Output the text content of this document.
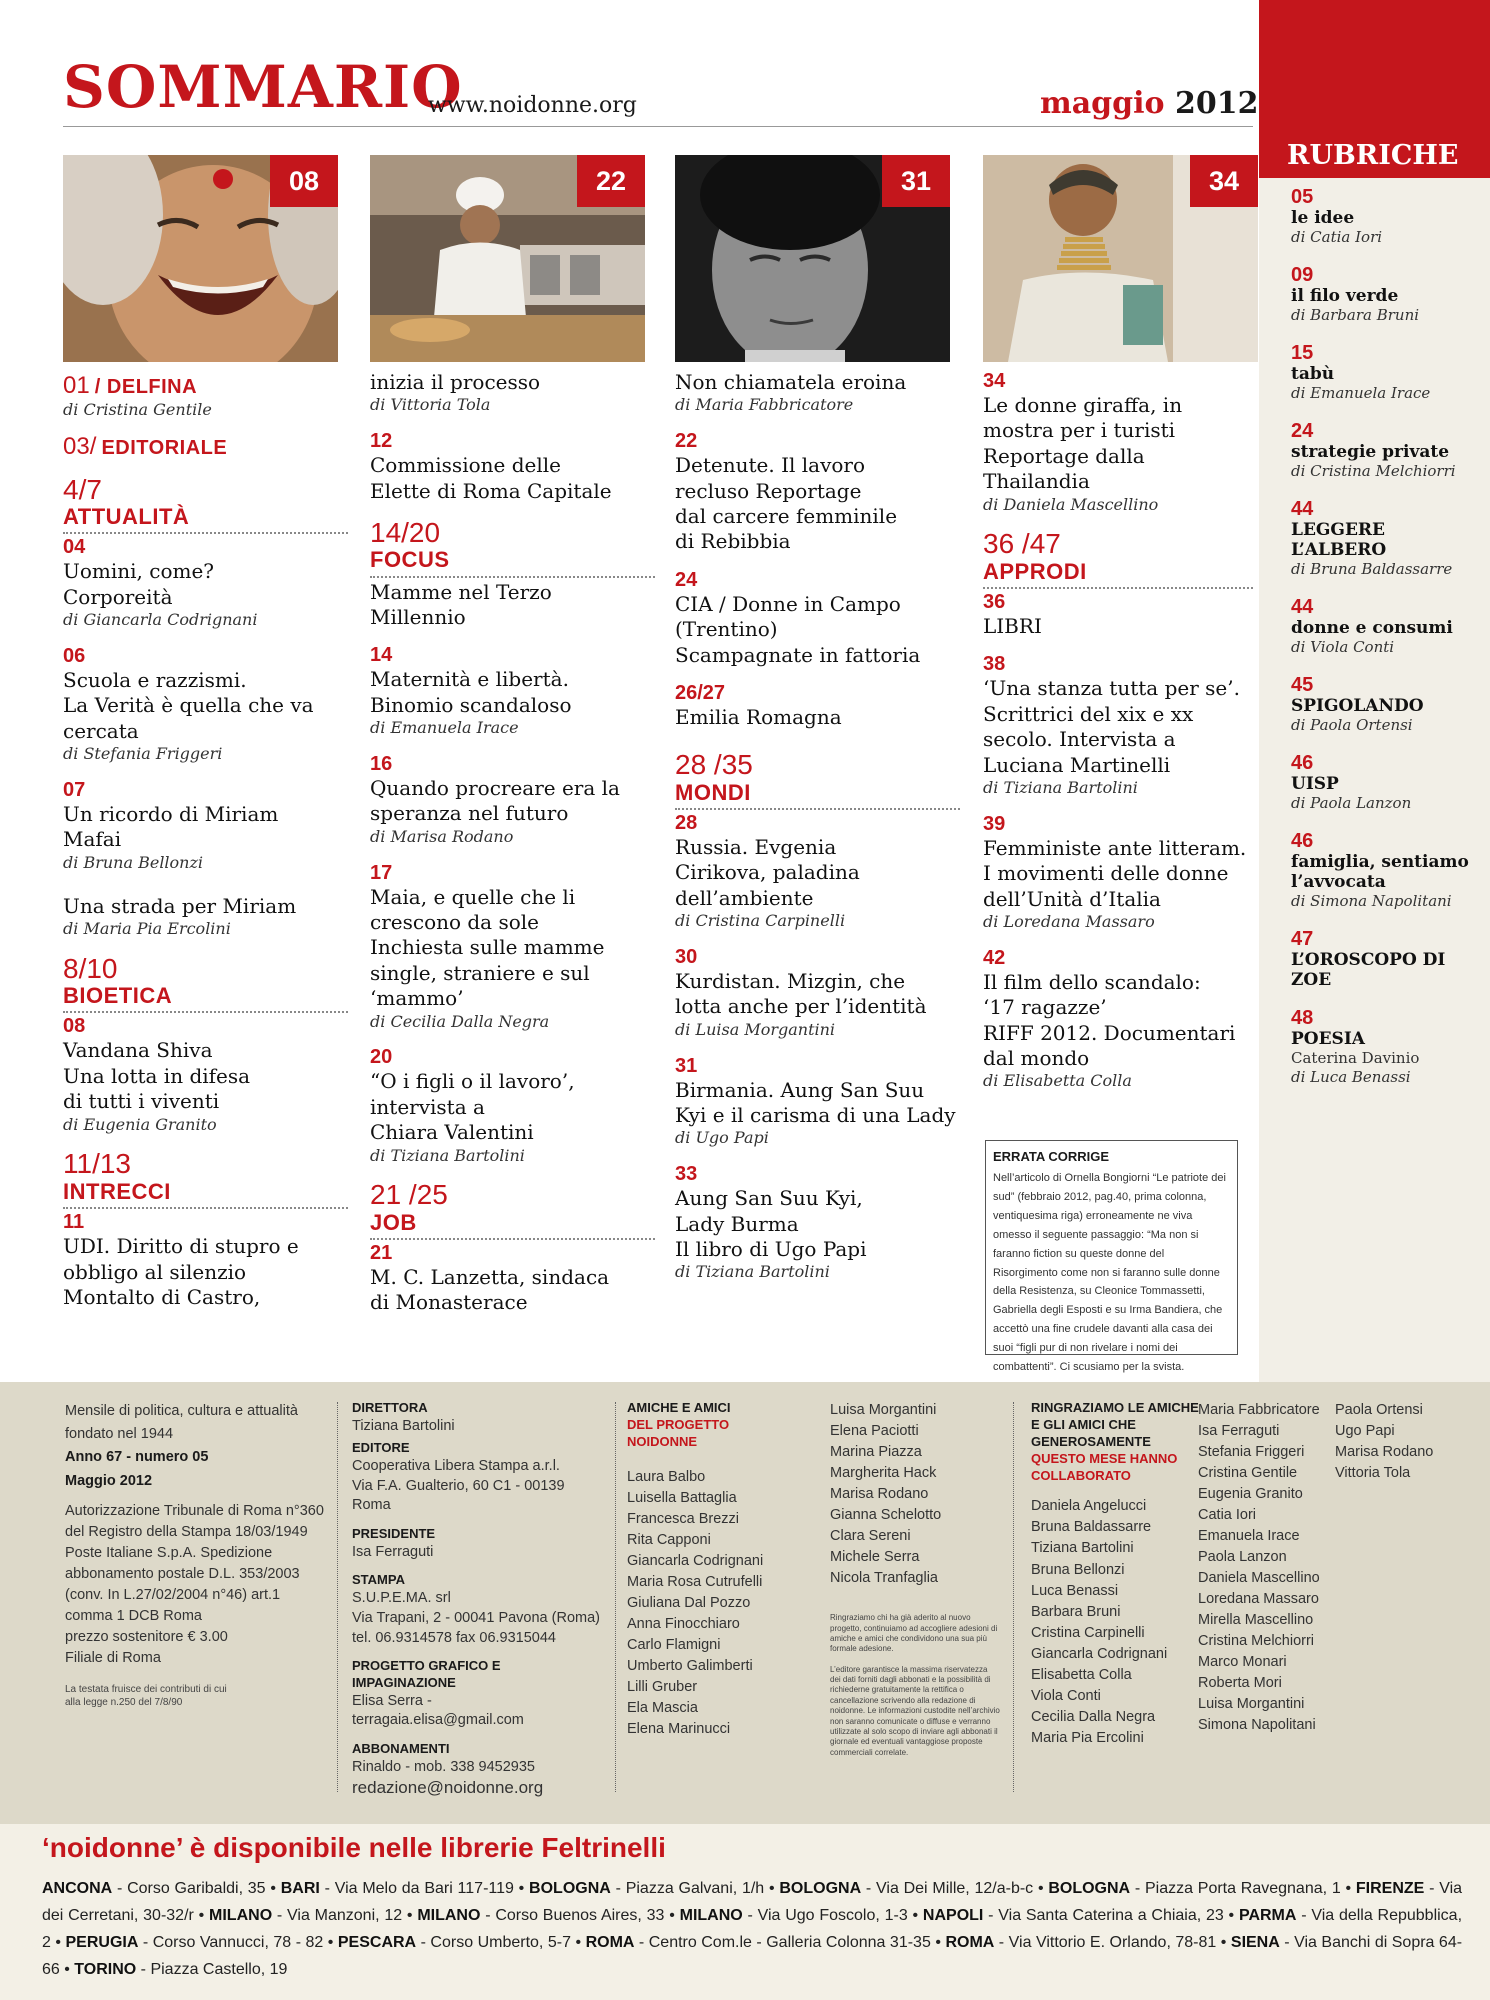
SOMMARIO
www.noidonne.org	maggio 2012
08	22	31	34
01 / DELFINA
di Cristina Gentile
03/ EDITORIALE
4/7
ATTUALITÀ
04
Uomini, come?
Corporeità
di Giancarla Codrignani
06
Scuola e razzismi.
La Verità è quella che va
cercata
di Stefania Friggeri
07
Un ricordo di Miriam
Mafai
di Bruna Bellonzi
Una strada per Miriam
di Maria Pia Ercolini
8/10
BIOETICA
08
Vandana Shiva
Una lotta in difesa
di tutti i viventi
di Eugenia Granito
11/13
INTRECCI
11
UDI. Diritto di stupro e
obbligo al silenzio
Montalto di Castro,
inizia il processo
di Vittoria Tola
12
Commissione delle
Elette di Roma Capitale
14/20
FOCUS
Mamme nel Terzo
Millennio
14
Maternità e libertà.
Binomio scandaloso
di Emanuela Irace
16
Quando procreare era la
speranza nel futuro
di Marisa Rodano
17
Maia, e quelle che li
crescono da sole
Inchiesta sulle mamme
single, straniere e sul
‘mammo’
di Cecilia Dalla Negra
20
“O i figli o il lavoro’,
intervista a
Chiara Valentini
di Tiziana Bartolini
21 /25
JOB
21
M. C. Lanzetta, sindaca
di Monasterace
Non chiamatela eroina
di Maria Fabbricatore
22
Detenute. Il lavoro
recluso Reportage
dal carcere femminile
di Rebibbia
24
CIA / Donne in Campo
(Trentino)
Scampagnate in fattoria
26/27
Emilia Romagna
28 /35
MONDI
28
Russia. Evgenia
Cirikova, paladina
dell’ambiente
di Cristina Carpinelli
30
Kurdistan. Mizgin, che
lotta anche per l’identità
di Luisa Morgantini
31
Birmania. Aung San Suu
Kyi e il carisma di una Lady
di Ugo Papi
33
Aung San Suu Kyi,
Lady Burma
Il libro di Ugo Papi
di Tiziana Bartolini
34
Le donne giraffa, in
mostra per i turisti
Reportage dalla
Thailandia
di Daniela Mascellino
36 /47
APPRODI
36
LIBRI
38
‘Una stanza tutta per se’.
Scrittrici del xix e xx
secolo. Intervista a
Luciana Martinelli
di Tiziana Bartolini
39
Femministe ante litteram.
I movimenti delle donne
dell’Unità d’Italia
di Loredana Massaro
42
Il film dello scandalo:
‘17 ragazze’
RIFF 2012. Documentari
dal mondo
di Elisabetta Colla
ERRATA CORRIGE
Nell’articolo di Ornella Bongiorni “Le patriote dei sud” (febbraio 2012, pag.40, prima colonna, ventiquesima riga) erroneamente ne viva omesso il seguente passaggio: “Ma non si faranno fiction su queste donne del Risorgimento come non si faranno sulle donne della Resistenza, su Cleonice Tommassetti, Gabriella degli Esposti e su Irma Bandiera, che accettò una fine crudele davanti alla casa dei suoi “figli pur di non rivelare i nomi dei combattenti”. Ci scusiamo per la svista.
RUBRICHE
05
le idee
di Catia Iori
09
il filo verde
di Barbara Bruni
15
tabù
di Emanuela Irace
24
strategie private
di Cristina Melchiorri
44
LEGGERE L’ALBERO
di Bruna Baldassarre
44
donne e consumi
di Viola Conti
45
SPIGOLANDO
di Paola Ortensi
46
UISP
di Paola Lanzon
46
famiglia, sentiamo l’avvocata
di Simona Napolitani
47
L’OROSCOPO DI ZOE
48
POESIA
Caterina Davinio
di Luca Benassi
Mensile di politica, cultura e attualità
fondato nel 1944
Anno 67 - numero 05
Maggio 2012
Autorizzazione Tribunale di Roma n°360
del Registro della Stampa 18/03/1949
Poste Italiane S.p.A. Spedizione
abbonamento postale D.L. 353/2003
(conv. In L.27/02/2004 n°46) art.1
comma 1 DCB Roma
prezzo sostenitore € 3.00
Filiale di Roma
La testata fruisce dei contributi di cui
alla legge n.250 del 7/8/90
DIRETTORA
Tiziana Bartolini
EDITORE
Cooperativa Libera Stampa a.r.l.
Via F.A. Gualterio, 60 C1 - 00139 Roma
PRESIDENTE
Isa Ferraguti
STAMPA
S.U.P.E.MA. srl
Via Trapani, 2 - 00041 Pavona (Roma)
tel. 06.9314578 fax 06.9315044
PROGETTO GRAFICO E IMPAGINAZIONE
Elisa Serra - terragaia.elisa@gmail.com
ABBONAMENTI
Rinaldo - mob. 338 9452935
redazione@noidonne.org
AMICHE E AMICI
DEL PROGETTO
NOIDONNE
Laura Balbo
Luisella Battaglia
Francesca Brezzi
Rita Capponi
Giancarla Codrignani
Maria Rosa Cutrufelli
Giuliana Dal Pozzo
Anna Finocchiaro
Carlo Flamigni
Umberto Galimberti
Lilli Gruber
Ela Mascia
Elena Marinucci
Luisa Morgantini
Elena Paciotti
Marina Piazza
Margherita Hack
Marisa Rodano
Gianna Schelotto
Clara Sereni
Michele Serra
Nicola Tranfaglia
Ringraziamo chi ha già aderito al nuovo progetto, continuiamo ad accogliere adesioni di amiche e amici che condividono una sua più formale adesione.
L’editore garantisce la massima riservatezza dei dati forniti dagli abbonati e la possibilità di richiederne gratuitamente la rettifica o cancellazione scrivendo alla redazione di noidonne. Le informazioni custodite nell’archivio non saranno comunicate o diffuse e verranno utilizzate al solo scopo di inviare agli abbonati il giornale ed eventuali vantaggiose proposte commerciali correlate.
RINGRAZIAMO LE AMICHE
E GLI AMICI CHE
GENEROSAMENTE
QUESTO MESE HANNO
COLLABORATO
Daniela Angelucci
Bruna Baldassarre
Tiziana Bartolini
Bruna Bellonzi
Luca Benassi
Barbara Bruni
Cristina Carpinelli
Giancarla Codrignani
Elisabetta Colla
Viola Conti
Cecilia Dalla Negra
Maria Pia Ercolini
Maria Fabbricatore
Isa Ferraguti
Stefania Friggeri
Cristina Gentile
Eugenia Granito
Catia Iori
Emanuela Irace
Paola Lanzon
Daniela Mascellino
Loredana Massaro
Mirella Mascellino
Cristina Melchiorri
Marco Monari
Roberta Mori
Luisa Morgantini
Simona Napolitani
Paola Ortensi
Ugo Papi
Marisa Rodano
Vittoria Tola
‘noidonne’ è disponibile nelle librerie Feltrinelli
ANCONA - Corso Garibaldi, 35 • BARI - Via Melo da Bari 117-119 • BOLOGNA - Piazza Galvani, 1/h • BOLOGNA - Via Dei Mille, 12/a-b-c • BOLOGNA - Piazza Porta Ravegnana, 1 • FIRENZE - Via dei Cerretani, 30-32/r • MILANO - Via Manzoni, 12 • MILANO - Corso Buenos Aires, 33 • MILANO - Via Ugo Foscolo, 1-3 • NAPOLI - Via Santa Caterina a Chiaia, 23 • PARMA - Via della Repubblica, 2 • PERUGIA - Corso Vannucci, 78 - 82 • PESCARA - Corso Umberto, 5-7 • ROMA - Centro Com.le - Galleria Colonna 31-35 • ROMA - Via Vittorio E. Orlando, 78-81 • SIENA - Via Banchi di Sopra 64-66 • TORINO - Piazza Castello, 19
